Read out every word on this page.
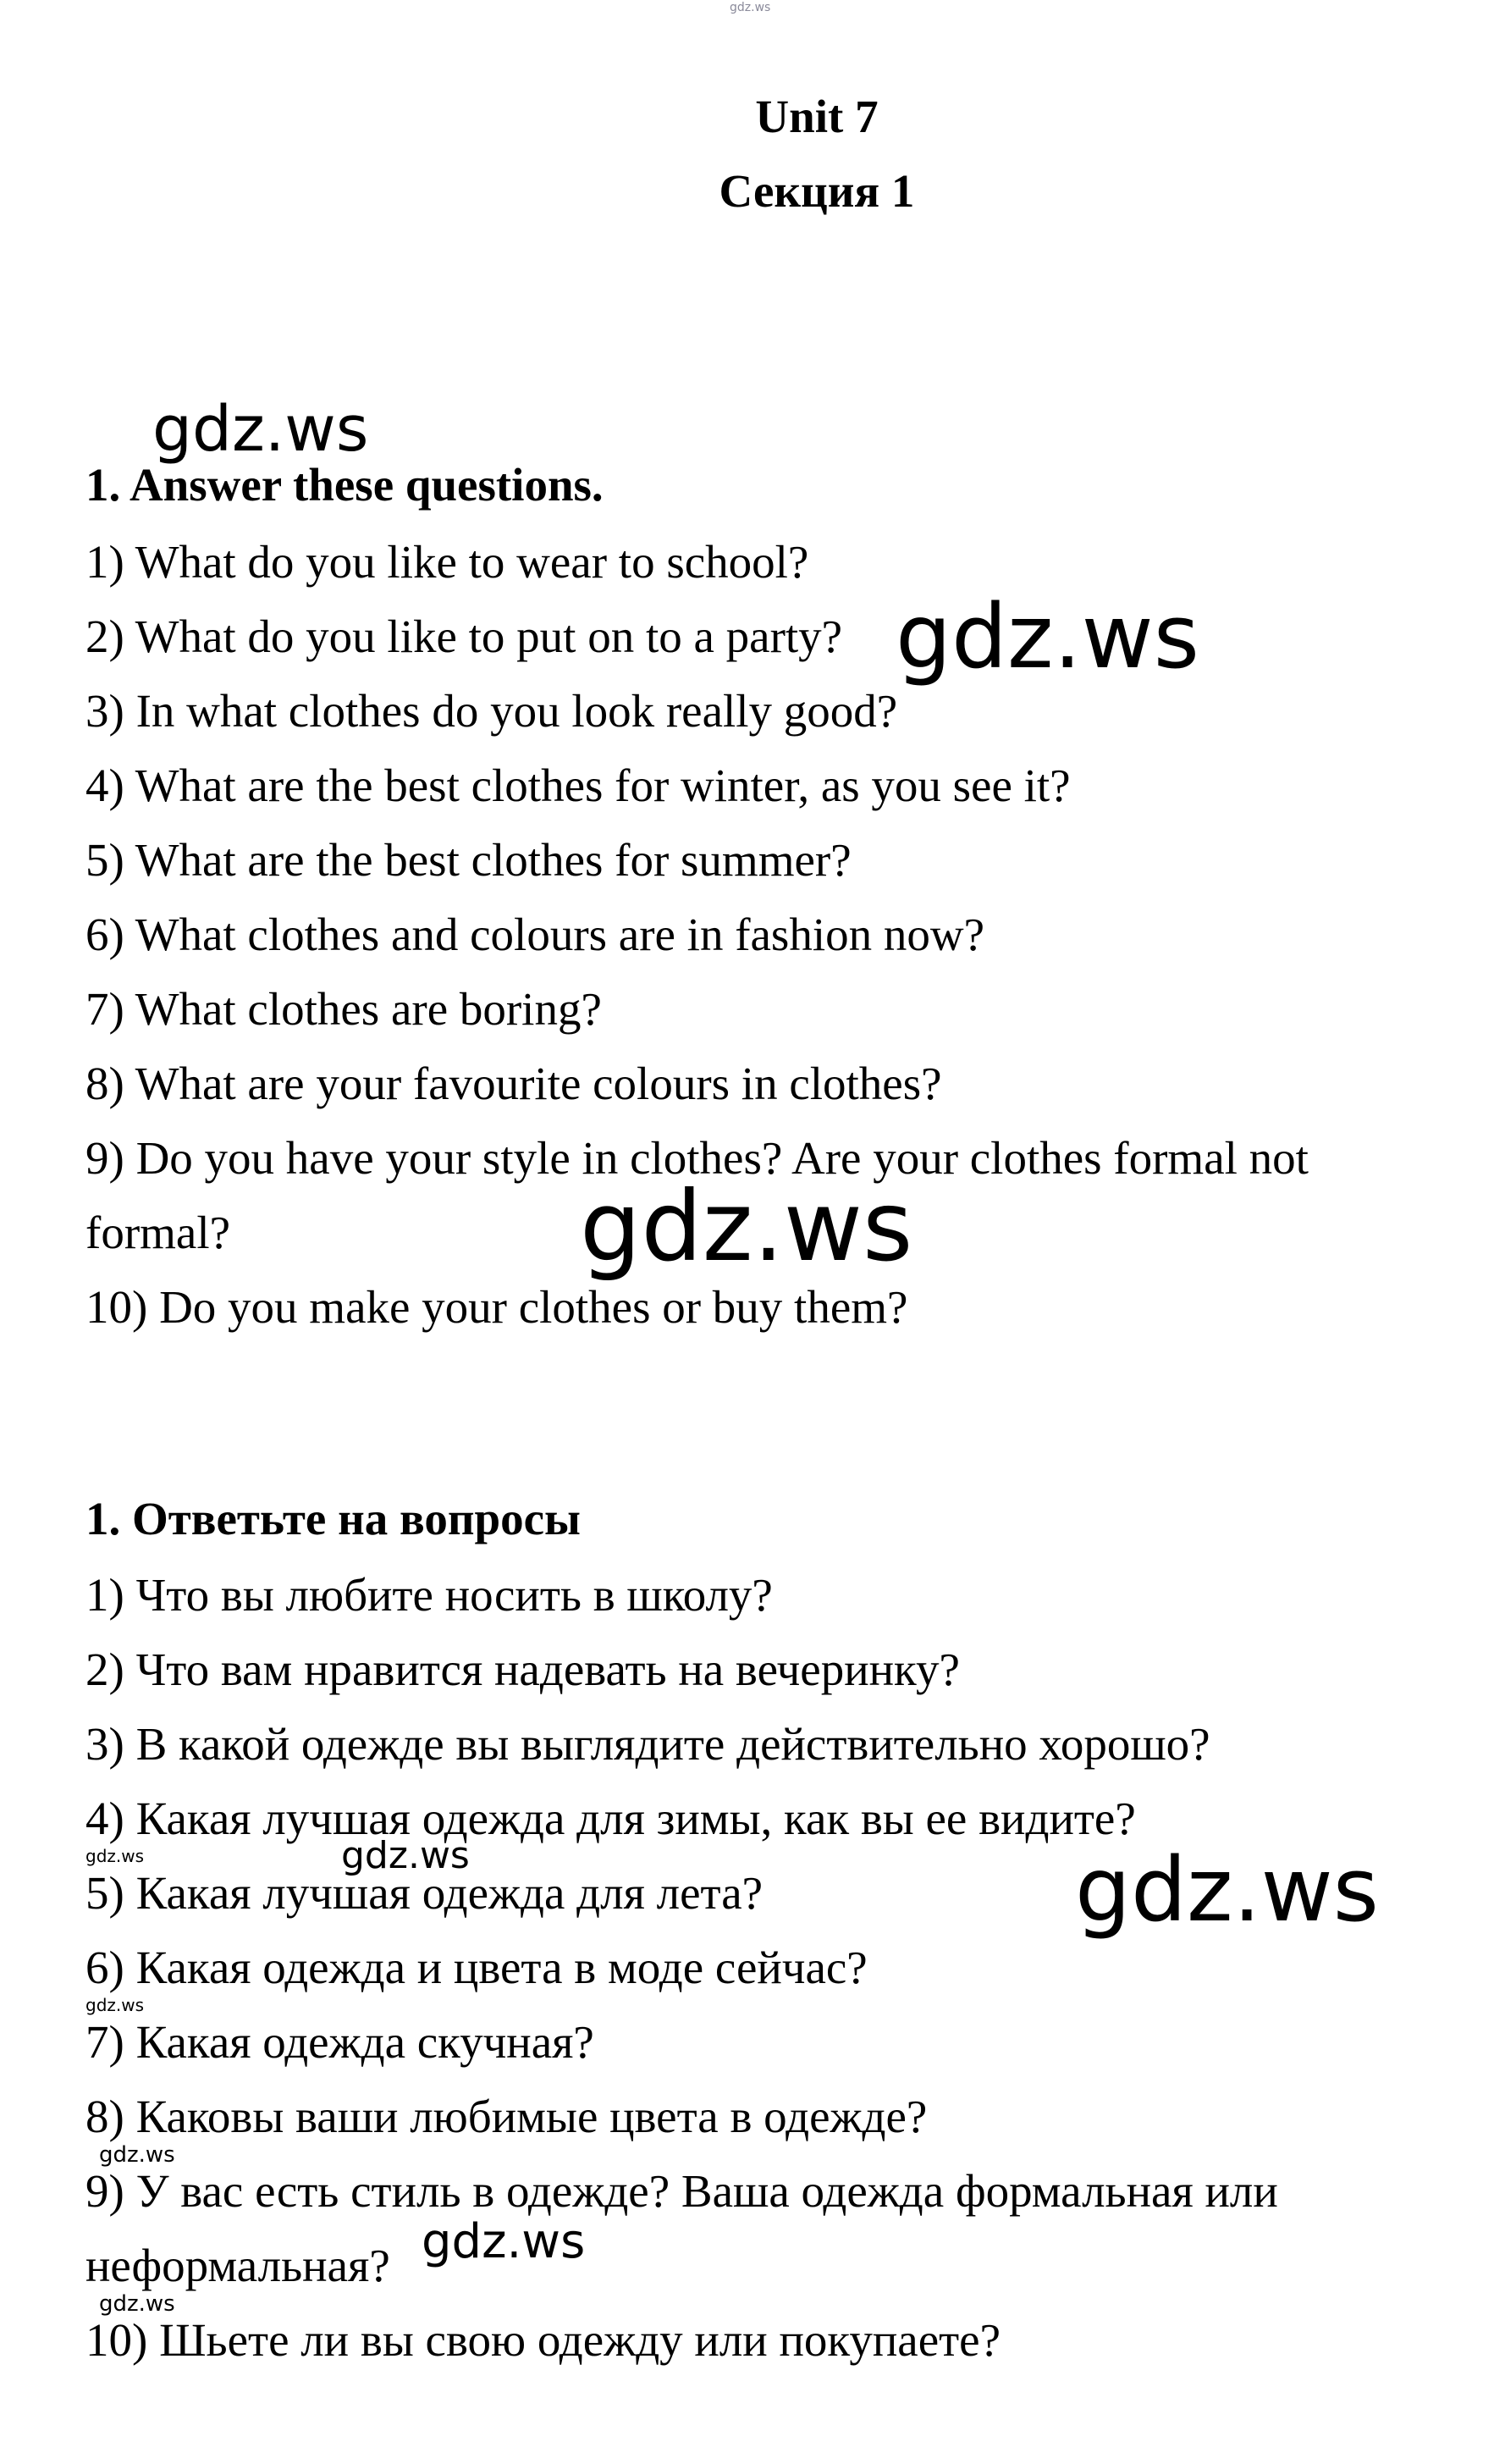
Unit 7
Секция 1
1. Answer these questions.
1) What do you like to wear to school?
2) What do you like to put on to a party?
3) In what clothes do you look really good?
4) What are the best clothes for winter, as you see it?
5) What are the best clothes for summer?
6) What clothes and colours are in fashion now?
7) What clothes are boring?
8) What are your favourite colours in clothes?
9) Do you have your style in clothes? Are your clothes formal not formal?
10) Do you make your clothes or buy them?
1. Ответьте на вопросы
1) Что вы любите носить в школу?
2) Что вам нравится надевать на вечеринку?
3) В какой одежде вы выглядите действительно хорошо?
4) Какая лучшая одежда для зимы, как вы ее видите?
5) Какая лучшая одежда для лета?
6) Какая одежда и цвета в моде сейчас?
7) Какая одежда скучная?
8) Каковы ваши любимые цвета в одежде?
9) У вас есть стиль в одежде? Ваша одежда формальная или неформальная?
10) Шьете ли вы свою одежду или покупаете?
gdz.ws
gdz.ws
gdz.ws
gdz.ws
gdz.ws
gdz.ws
gdz.ws
gdz.ws
gdz.ws
gdz.ws
gdz.ws
